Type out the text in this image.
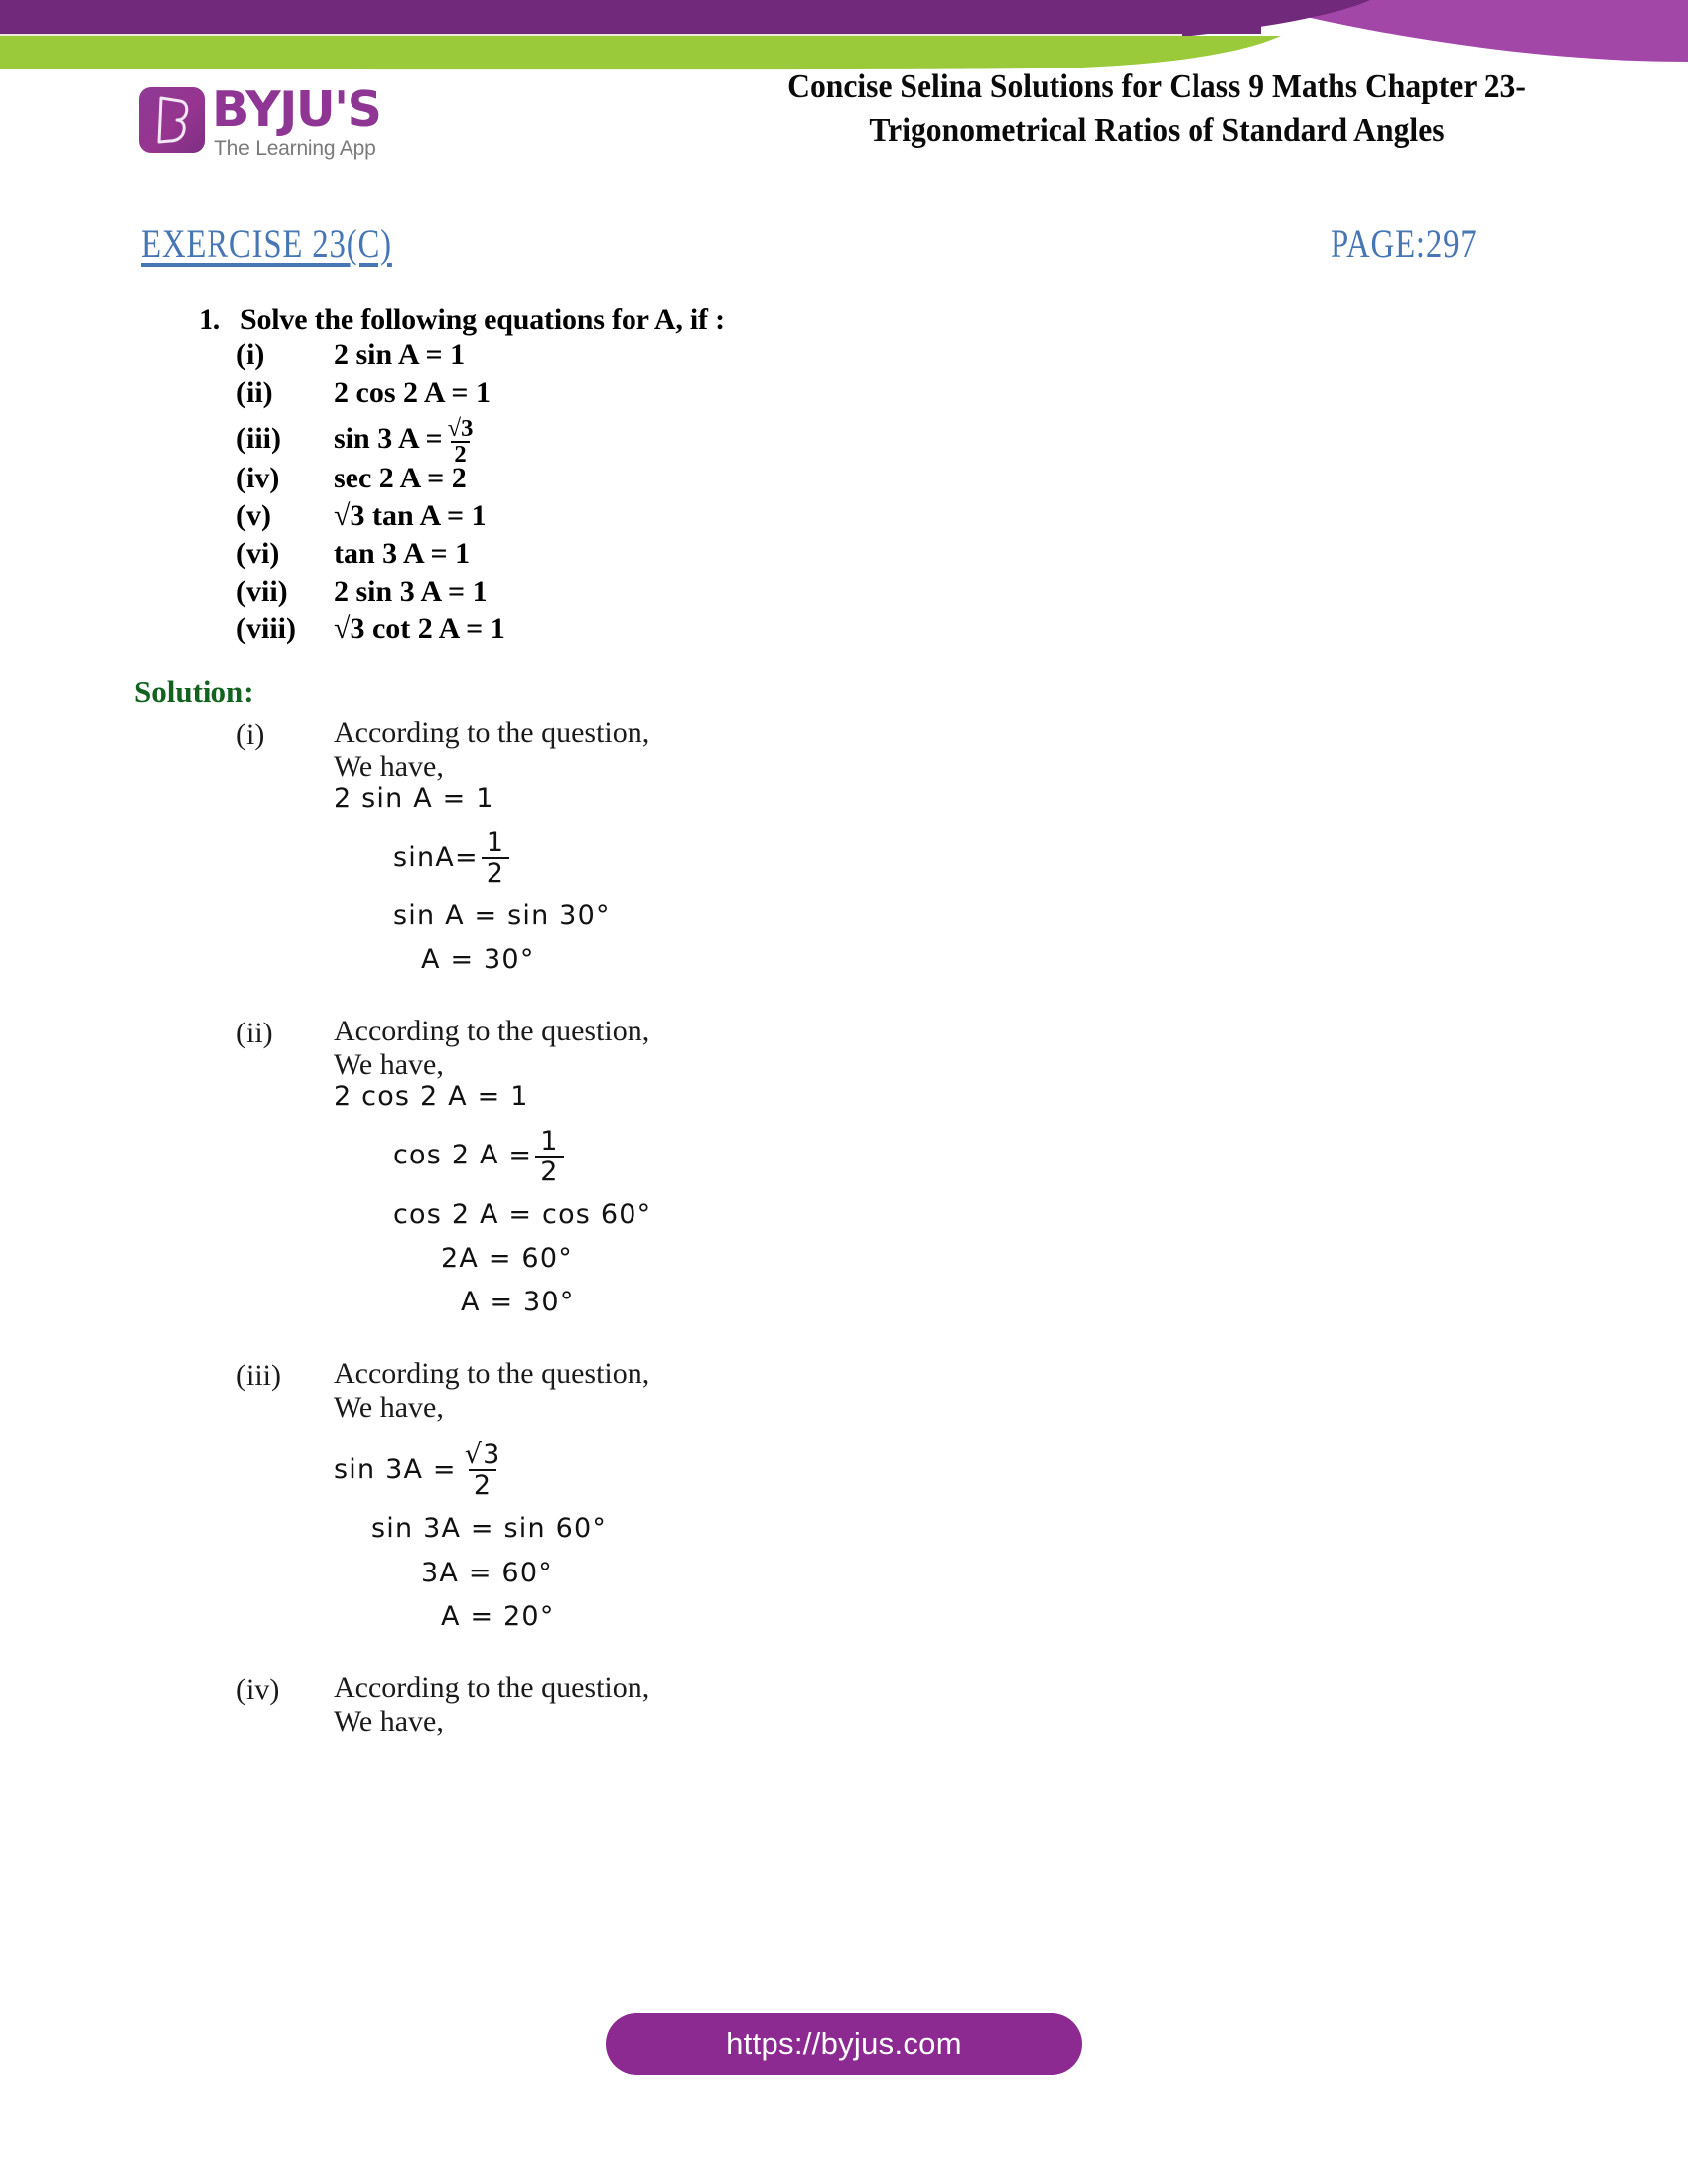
BYJU'S
The Learning App
Concise Selina Solutions for Class 9 Maths Chapter 23-
Trigonometrical Ratios of Standard Angles
EXERCISE 23(C)	PAGE:297
1. Solve the following equations for A, if :
(i)	2 sin A = 1
(ii)	2 cos 2 A = 1
(iii)	sin 3 $A = \frac{√3}{2}$
(iv)	sec 2 A = 2
(v)	√3 tan A = 1
(vi)	tan 3 A = 1
(vii)	2 sin 3 A = 1
(viii)	√3 cot 2 A = 1
Solution:
(i)	According to the question,
We have,
2 sin A = 1
$\sin A= \frac{1}{2}$
sin A = sin 30°
A = 30°
(ii)	According to the question,
We have,
2 cos 2 A = 1
cos 2 $A = \frac{1}{2}$
cos 2 A = cos 60°
2A = 60°
A = 30°
(iii)	According to the question,
We have,
$\sin 3A = \frac{√3}{2}$
sin 3A = sin 60°
3A = 60°
A = 20°
(iv)	According to the question,
We have,
https://byjus.com
